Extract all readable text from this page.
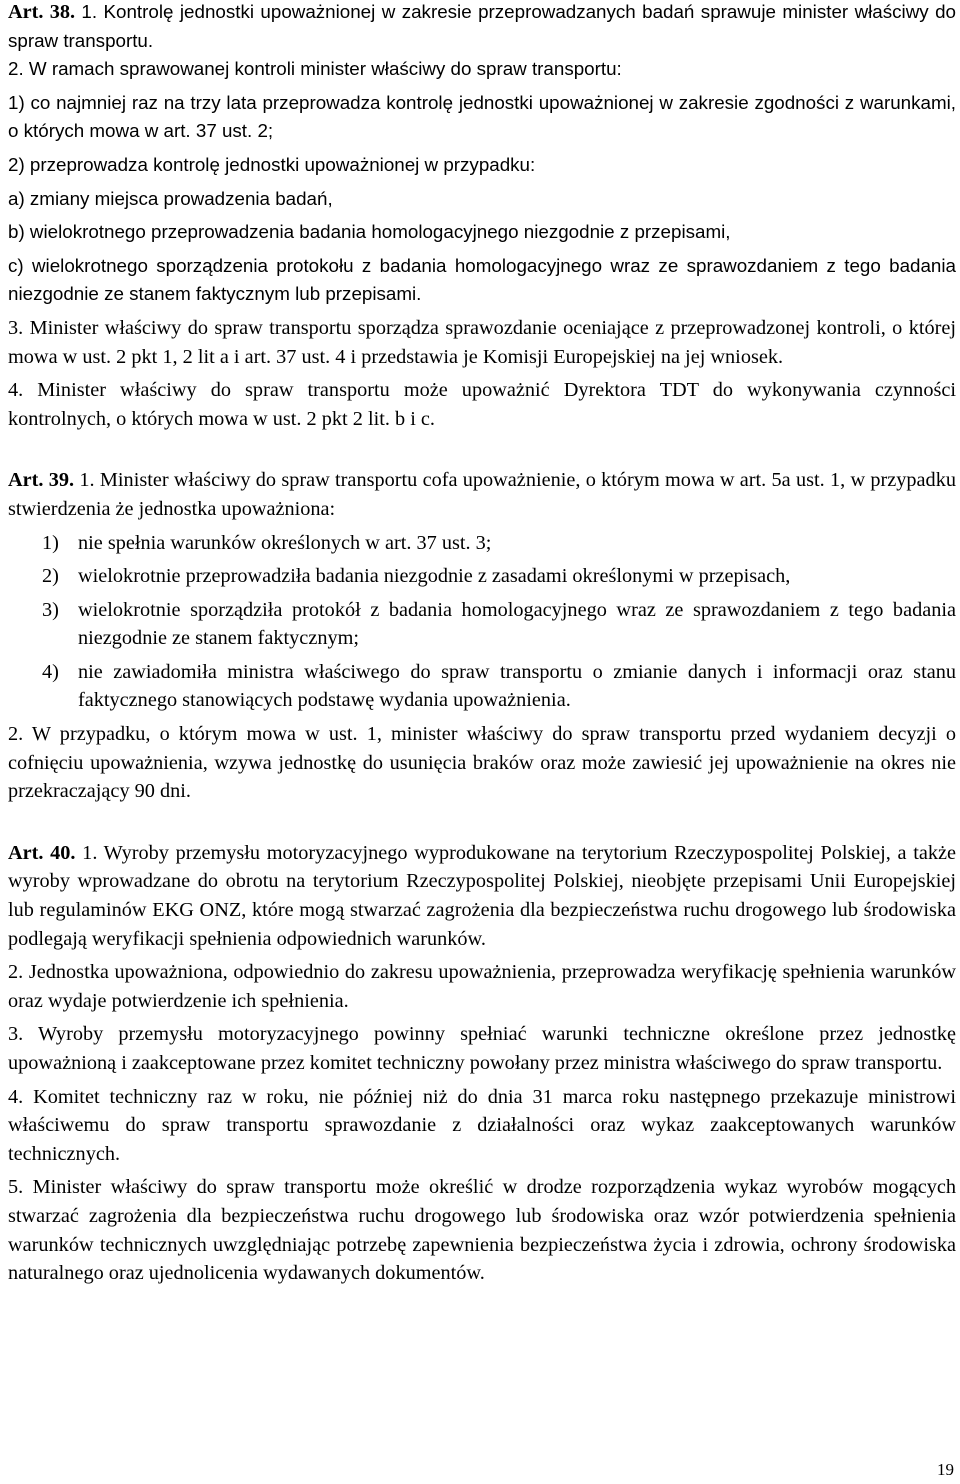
Art. 38. 1. Kontrolę jednostki upoważnionej w zakresie przeprowadzanych badań sprawuje minister właściwy do spraw transportu.

2. W ramach sprawowanej kontroli minister właściwy do spraw transportu:

1) co najmniej raz na trzy lata przeprowadza kontrolę jednostki upoważnionej w zakresie zgodności z warunkami, o których mowa w art. 37 ust. 2;

2) przeprowadza kontrolę jednostki upoważnionej w przypadku:

a) zmiany miejsca prowadzenia badań,

b) wielokrotnego przeprowadzenia badania homologacyjnego niezgodnie z przepisami,

c) wielokrotnego sporządzenia protokołu z badania homologacyjnego wraz ze sprawozdaniem z tego badania niezgodnie ze stanem faktycznym lub przepisami.

3. Minister właściwy do spraw transportu sporządza sprawozdanie oceniające z przeprowadzonej kontroli, o której mowa w ust. 2 pkt 1, 2 lit a i art. 37 ust. 4 i przedstawia je Komisji Europejskiej na jej wniosek.

4. Minister właściwy do spraw transportu może upoważnić Dyrektora TDT do wykonywania czynności kontrolnych, o których mowa w ust. 2 pkt 2 lit. b i c.

Art. 39. 1. Minister właściwy do spraw transportu cofa upoważnienie, o którym mowa w art. 5a ust. 1, w przypadku stwierdzenia że jednostka upoważniona:

1) nie spełnia warunków określonych w art. 37 ust. 3;
2) wielokrotnie przeprowadziła badania niezgodnie z zasadami określonymi w przepisach,
3) wielokrotnie sporządziła protokół z badania homologacyjnego wraz ze sprawozdaniem z tego badania niezgodnie ze stanem faktycznym;
4) nie zawiadomiła ministra właściwego do spraw transportu o zmianie danych i informacji oraz stanu faktycznego stanowiących podstawę wydania upoważnienia.

2. W przypadku, o którym mowa w ust. 1, minister właściwy do spraw transportu przed wydaniem decyzji o cofnięciu upoważnienia, wzywa jednostkę do usunięcia braków oraz może zawiesić jej upoważnienie na okres nie przekraczający 90 dni.

Art. 40. 1. Wyroby przemysłu motoryzacyjnego wyprodukowane na terytorium Rzeczypospolitej Polskiej, a także wyroby wprowadzane do obrotu na terytorium Rzeczypospolitej Polskiej, nieobjęte przepisami Unii Europejskiej lub regulaminów EKG ONZ, które mogą stwarzać zagrożenia dla bezpieczeństwa ruchu drogowego lub środowiska podlegają weryfikacji spełnienia odpowiednich warunków.

2. Jednostka upoważniona, odpowiednio do zakresu upoważnienia, przeprowadza weryfikację spełnienia warunków oraz wydaje potwierdzenie ich spełnienia.

3. Wyroby przemysłu motoryzacyjnego powinny spełniać warunki techniczne określone przez jednostkę upoważnioną i zaakceptowane przez komitet techniczny powołany przez ministra właściwego do spraw transportu.

4. Komitet techniczny raz w roku, nie później niż do dnia 31 marca roku następnego przekazuje ministrowi właściwemu do spraw transportu sprawozdanie z działalności oraz wykaz zaakceptowanych warunków technicznych.

5. Minister właściwy do spraw transportu może określić w drodze rozporządzenia wykaz wyrobów mogących stwarzać zagrożenia dla bezpieczeństwa ruchu drogowego lub środowiska oraz wzór potwierdzenia spełnienia warunków technicznych uwzględniając potrzebę zapewnienia bezpieczeństwa życia i zdrowia, ochrony środowiska naturalnego oraz ujednolicenia wydawanych dokumentów.

19
